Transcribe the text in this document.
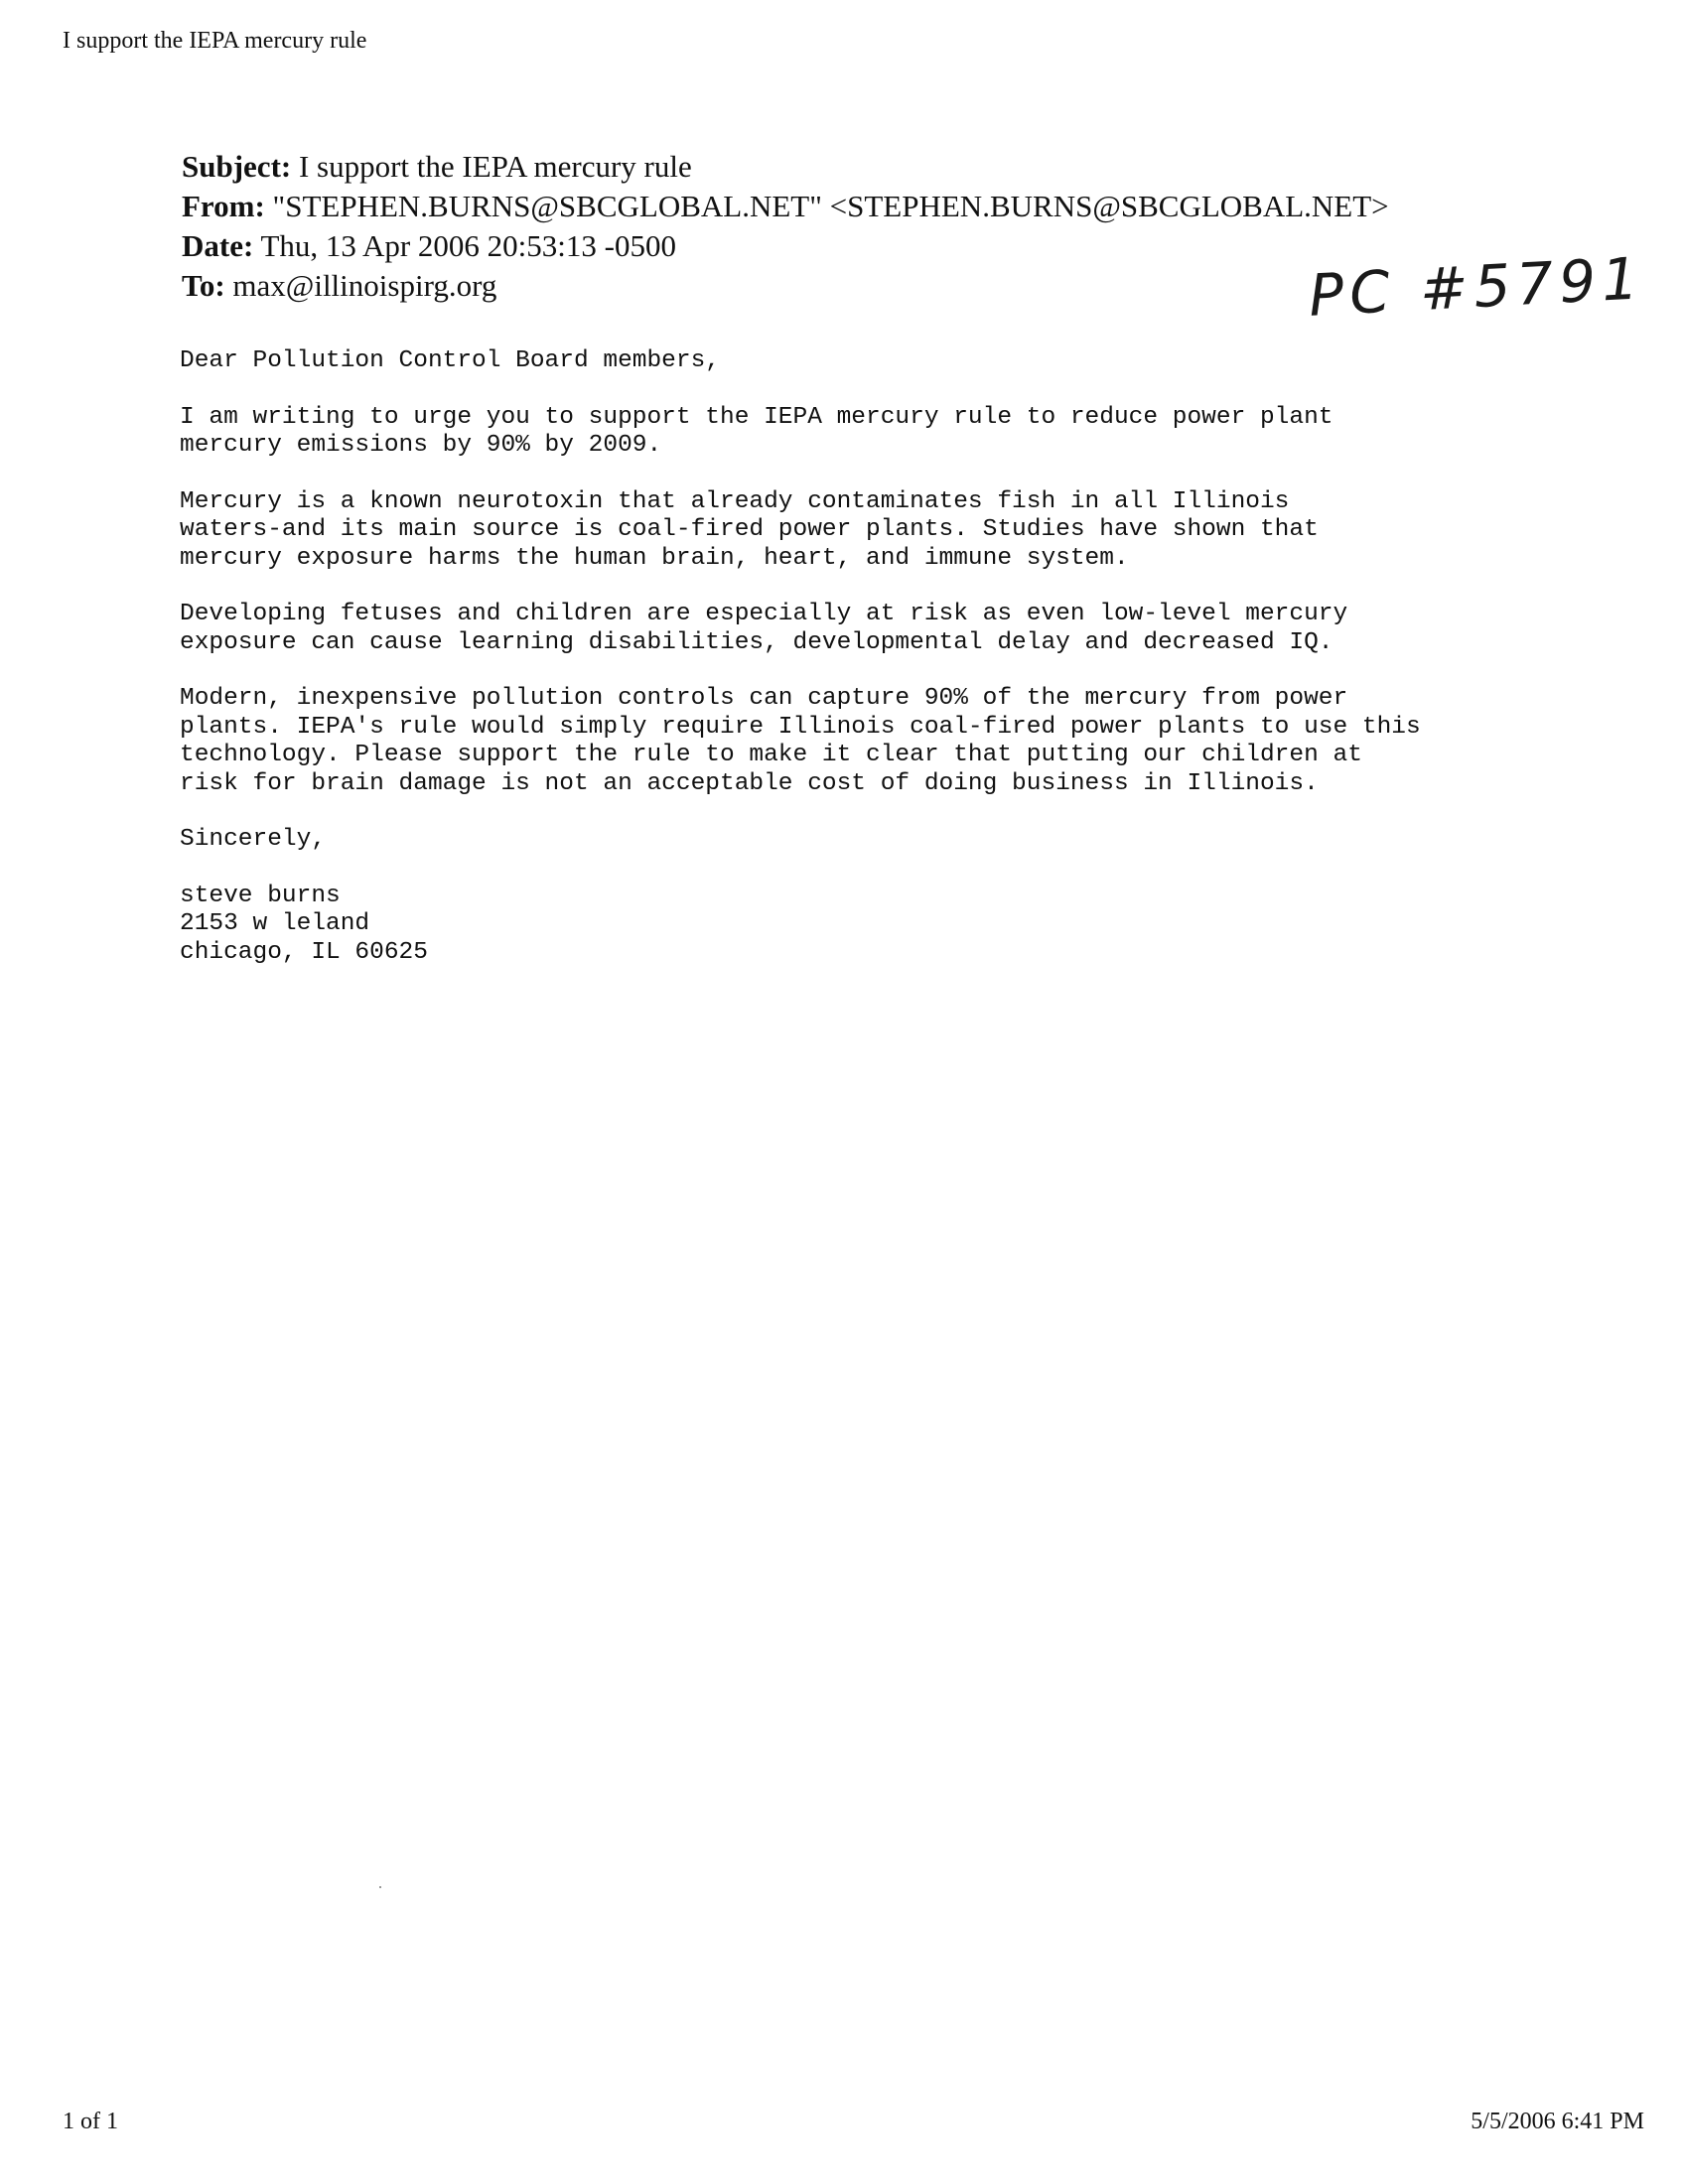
I support the IEPA mercury rule
Subject: I support the IEPA mercury rule
From: "STEPHEN.BURNS@SBCGLOBAL.NET" <STEPHEN.BURNS@SBCGLOBAL.NET>
Date: Thu, 13 Apr 2006 20:53:13 -0500
To: max@illinoispirg.org	PC #5791

Dear Pollution Control Board members,

I am writing to urge you to support the IEPA mercury rule to reduce power plant
mercury emissions by 90% by 2009.

Mercury is a known neurotoxin that already contaminates fish in all Illinois
waters-and its main source is coal-fired power plants. Studies have shown that
mercury exposure harms the human brain, heart, and immune system.

Developing fetuses and children are especially at risk as even low-level mercury
exposure can cause learning disabilities, developmental delay and decreased IQ.

Modern, inexpensive pollution controls can capture 90% of the mercury from power
plants. IEPA's rule would simply require Illinois coal-fired power plants to use this
technology. Please support the rule to make it clear that putting our children at
risk for brain damage is not an acceptable cost of doing business in Illinois.

Sincerely,

steve burns
2153 w leland
chicago, IL 60625
1 of 1	5/5/2006 6:41 PM
